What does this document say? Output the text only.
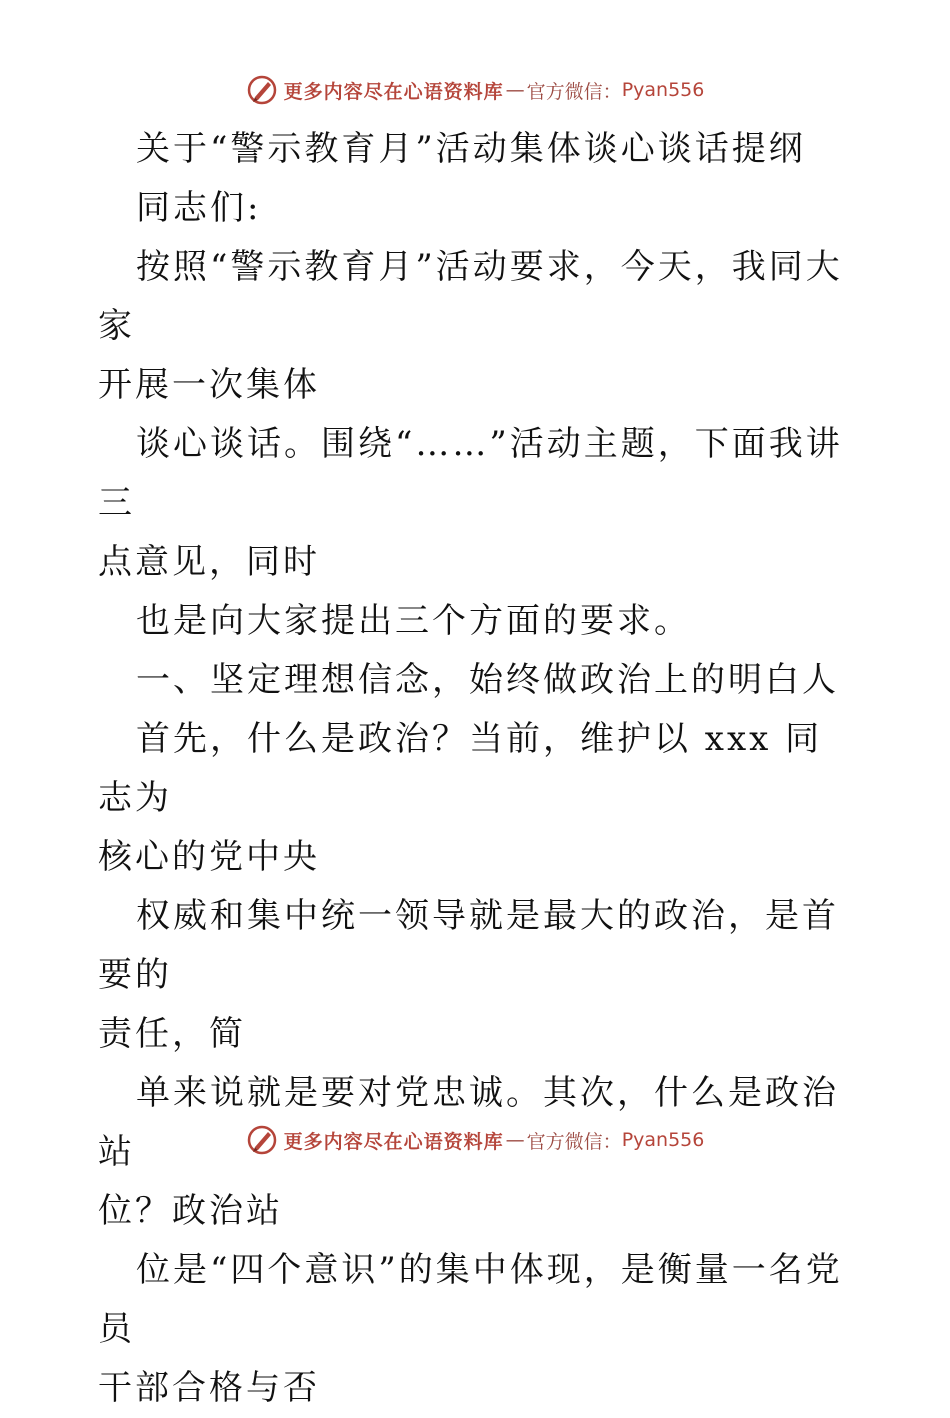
更多内容尽在心语资料库 — 官方微信： Pyan556

关于“警示教育月”活动集体谈心谈话提纲

同志们:

按照“警示教育月”活动要求，今天，我同大家

开展一次集体

谈心谈话。围绕“……”活动主题，下面我讲三

点意见，同时

也是向大家提出三个方面的要求。

一、坚定理想信念，始终做政治上的明白人

首先，什么是政治？当前，维护以 xxx 同志为

核心的党中央

权威和集中统一领导就是最大的政治，是首要的

责任，简

单来说就是要对党忠诚。其次，什么是政治站

位？政治站

位是“四个意识”的集中体现，是衡量一名党员

干部合格与否

更多内容尽在心语资料库 — 官方微信： Pyan556
